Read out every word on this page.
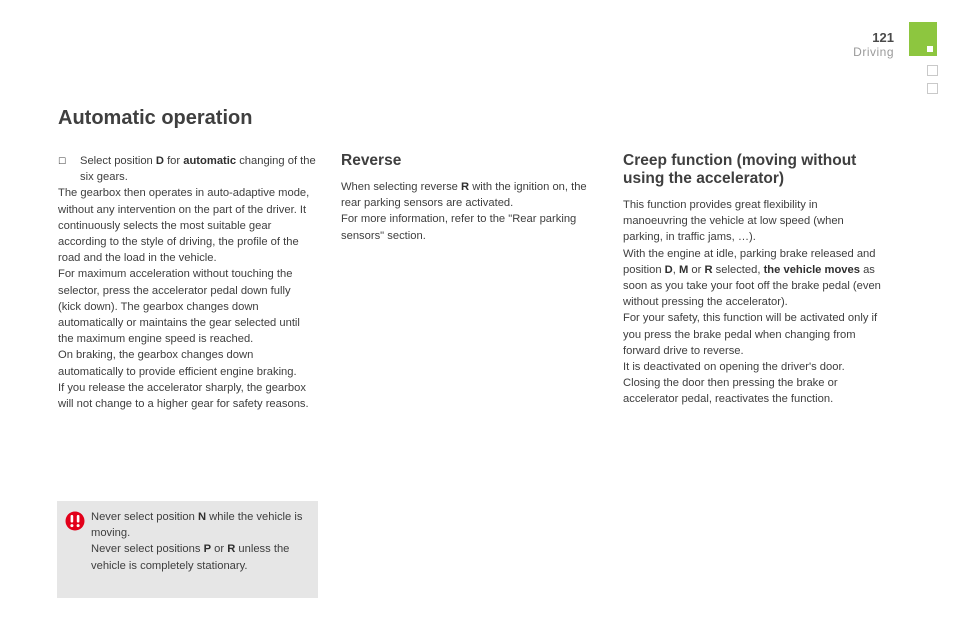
121
Driving
Automatic operation
☐	Select position D for automatic changing of the six gears.

The gearbox then operates in auto-adaptive mode, without any intervention on the part of the driver. It continuously selects the most suitable gear according to the style of driving, the profile of the road and the load in the vehicle.

For maximum acceleration without touching the selector, press the accelerator pedal down fully (kick down). The gearbox changes down automatically or maintains the gear selected until the maximum engine speed is reached.

On braking, the gearbox changes down automatically to provide efficient engine braking.

If you release the accelerator sharply, the gearbox will not change to a higher gear for safety reasons.

Reverse

When selecting reverse R with the ignition on, the rear parking sensors are activated.

For more information, refer to the "Rear parking sensors" section.

Creep function (moving without using the accelerator)

This function provides great flexibility in manoeuvring the vehicle at low speed (when parking, in traffic jams, …).

With the engine at idle, parking brake released and position D, M or R selected, the vehicle moves as soon as you take your foot off the brake pedal (even without pressing the accelerator).

For your safety, this function will be activated only if you press the brake pedal when changing from forward drive to reverse.

It is deactivated on opening the driver's door. Closing the door then pressing the brake or accelerator pedal, reactivates the function.

Never select position N while the vehicle is moving.

Never select positions P or R unless the vehicle is completely stationary.
